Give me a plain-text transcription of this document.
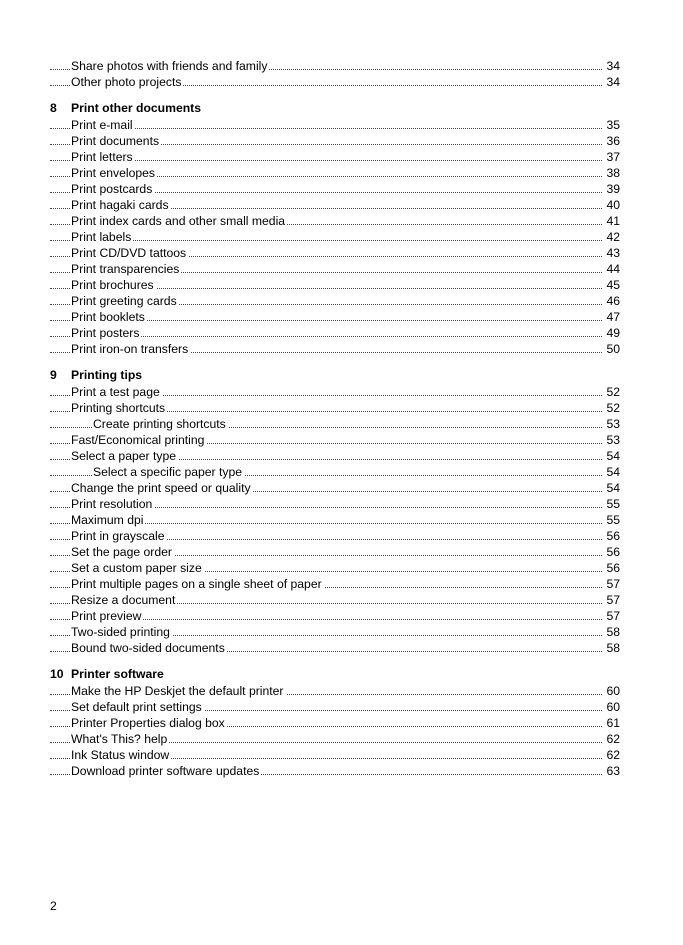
Share photos with friends and family	34
Other photo projects	34
8 Print other documents
Print e-mail	35
Print documents	36
Print letters	37
Print envelopes	38
Print postcards	39
Print hagaki cards	40
Print index cards and other small media	41
Print labels	42
Print CD/DVD tattoos	43
Print transparencies	44
Print brochures	45
Print greeting cards	46
Print booklets	47
Print posters	49
Print iron-on transfers	50
9 Printing tips
Print a test page	52
Printing shortcuts	52
Create printing shortcuts	53
Fast/Economical printing	53
Select a paper type	54
Select a specific paper type	54
Change the print speed or quality	54
Print resolution	55
Maximum dpi	55
Print in grayscale	56
Set the page order	56
Set a custom paper size	56
Print multiple pages on a single sheet of paper	57
Resize a document	57
Print preview	57
Two-sided printing	58
Bound two-sided documents	58
10 Printer software
Make the HP Deskjet the default printer	60
Set default print settings	60
Printer Properties dialog box	61
What's This? help	62
Ink Status window	62
Download printer software updates	63
2
